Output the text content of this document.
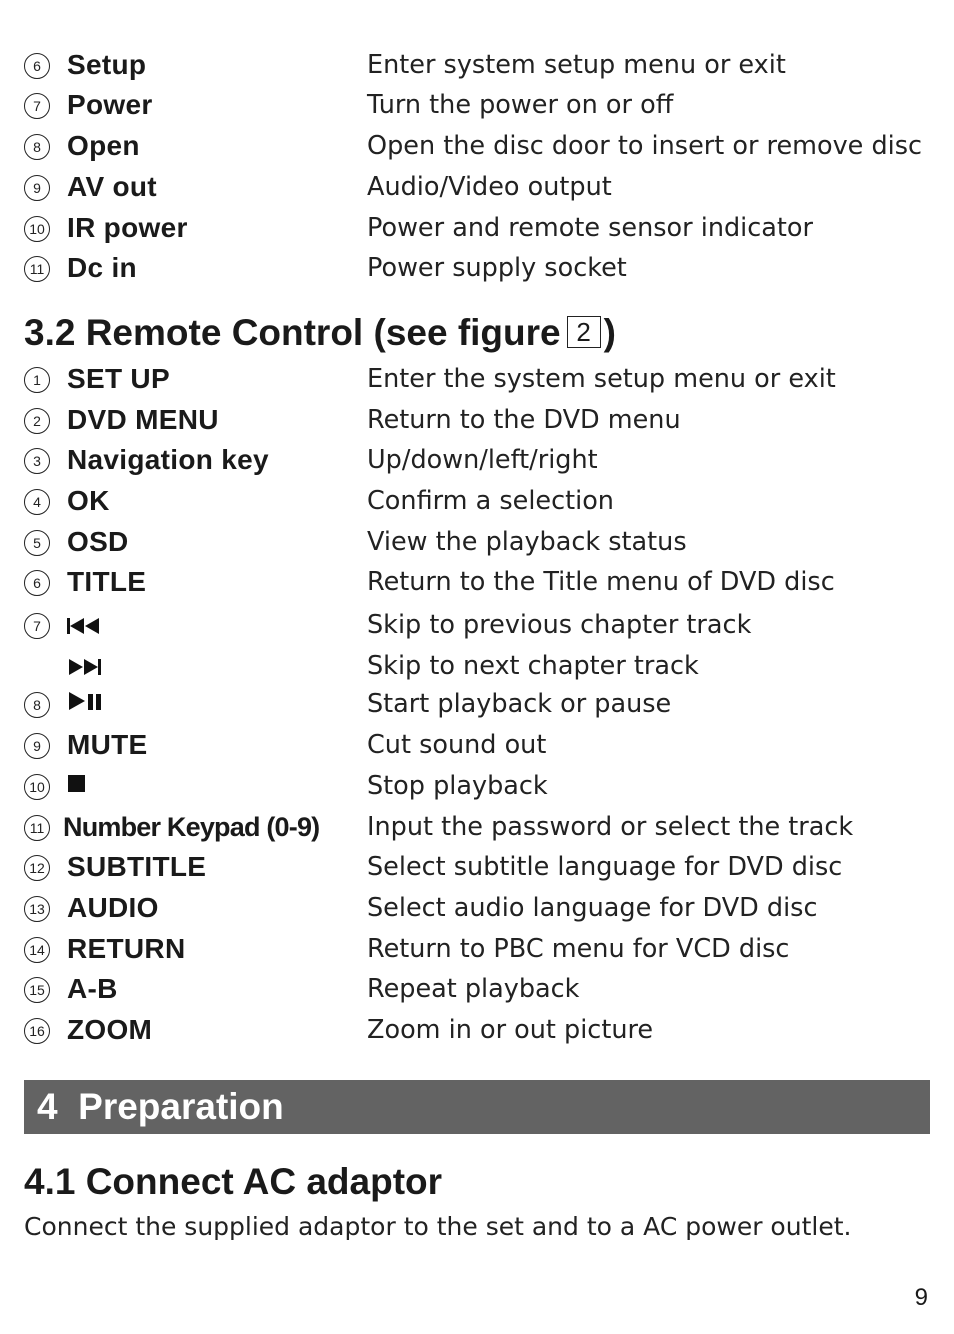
6 Setup	Enter system setup menu or exit
7 Power	Turn the power on or off
8 Open	Open the disc door to insert or remove disc
9 AV out	Audio/Video output
10 IR power	Power and remote sensor indicator
11 Dc in	Power supply socket
3.2 Remote Control (see figure 2 )
1 SET UP	Enter the system setup menu or exit
2 DVD MENU	Return to the DVD menu
3 Navigation key	Up/down/left/right
4 OK	Confirm a selection
5 OSD	View the playback status
6 TITLE	Return to the Title menu of DVD disc
7	Skip to previous chapter track
Skip to next chapter track
8	Start playback or pause
9 MUTE	Cut sound out
10	Stop playback
11 Number Keypad (0-9) Input the password or select the track
12 SUBTITLE	Select subtitle language for DVD disc
13 AUDIO	Select audio language for DVD disc
14 RETURN	Return to PBC menu for VCD disc
15 A-B	Repeat playback
16 ZOOM	Zoom in or out picture
4  Preparation
4.1 Connect AC adaptor
Connect the supplied adaptor to the set and to a AC power outlet.
9
